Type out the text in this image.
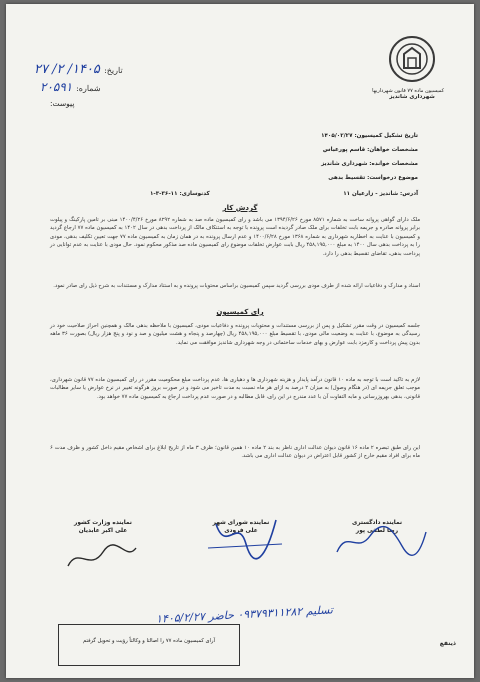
تاریخ: ۱۴۰۵/ ۲/ ۲۷
شماره: ۲۰۵۹۱
پیوست:
کمیسیون ماده ۷۷ قانون شهرداریها
شهرداری شاندیز
تاریخ تشکیل کمیسیون: ۱۴۰۵/۰۲/۲۷
مشخصات خواهان: قاسم پورعباس
مشخصات خوانده: شهرداری شاندیز
موضوع درخواست: تقسیط بدهی
آدرس: شاندیز - زارعیان ۱۱
کدنوسازی: ۱۱-۳۶-۳-۱
گردش کار
ملک دارای گواهی پروانه ساخت به شماره ۸۵۷۱ مورخ ۱۳۹۴/۶/۲۶ می باشد و رای کمیسیون ماده صد به شماره ۸۲۹۲ مورخ ۱۴۰۰/۴/۲۶ مبنی بر تامین پارکینگ و پیلوت برابر پروانه صادره و جریمه بابت تخلفات برای ملک صادر گردیده است پرونده با توجه به استنکاف مالک از پرداخت بدهی در سال ۱۴۰۲ به کمیسیون ماده ۷۷ ارجاع گردید و کمیسیون با عنایت به اخطاریه شهرداری به شماره ۱۳۶۸ مورخ ۱۴۰۰/۶/۲۸ و عدم ارسال پرونده به در همان زمان به کمیسیون ماده ۷۷ جهت تعیین تکلیف بدهی، مودی را به پرداخت بدهی سال ۱۴۰۰ به مبلغ ۴۵۸,۱۹۵,۰۰۰ ریال بابت عوارض تخلفات موضوع رای کمیسیون ماده صد مذکور محکوم نمود. حال مودی با عنایت به عدم توانایی در پرداخت بدهی، تقاضای تقسیط بدهی را دارد.
اسناد و مدارک و دفاعیات ارائه شده از طرف مودی بررسی گردید سپس کمیسیون براساس محتویات پرونده و به استناد مدارک و مستندات به شرح ذیل رای صادر نمود.
رای کمیسیون
جلسه کمیسیون در وقت مقرر تشکیل و پس از بررسی مستندات و محتویات پرونده و دفاعیات مودی، کمیسیون با ملاحظه بدهی مالک و همچنین احراز صلاحیت خود در رسیدگی به موضوع، با عنایت به وضعیت مالی مودی، با تقسیط مبلغ ۴۵۸,۱۹۵,۰۰۰ ریال (چهارصد و پنجاه و هشت میلیون و صد و نود و پنج هزار ریال) بصورت ۳۶ ماهه بدون پیش پرداخت و کارمزد بابت عوارض و بهای خدمات ساختمانی در وجه شهرداری شاندیز موافقت می نماید.
لازم به تاکید است با توجه به ماده ۱۰ قانون درآمد پایدار و هزینه شهرداری ها و دهیاری ها، عدم پرداخت مبلغ محکومیت مقرر در رای کمیسیون ماده ۷۷ قانون شهرداری، موجب تعلق جریمه ای (در هنگام وصول) به میزان ۲ درصد به ازای هر ماه نسبت به مدت تاخیر می شود و در صورت بروز هرگونه تغییر در نرخ عوارض یا سایر مطالبات قانونی، بدهی بهروزرسانی و مابه التفاوت آن با عدد مندرج در این رای، قابل مطالبه و در صورت عدم پرداخت ارجاع به کمیسیون ماده ۷۷ خواهد بود.
این رای طبق تبصره ۲ ماده ۱۶ قانون دیوان عدالت اداری ناظر به بند ۲ ماده ۱۰ همین قانون؛ ظرف ۳ ماه از تاریخ ابلاغ برای اشخاص مقیم داخل کشور و ظرف مدت ۶ ماه برای افراد مقیم خارج از کشور قابل اعتراض در دیوان عدالت اداری می باشد.
نماینده دادگستری
رضا لطفی پور
نماینده شورای شهر
علی فرودی
نماینده وزارت کشور
علی اکبر عابدیان
تسلیم ۰۹۳۷۹۳۱۱۲۸۲ حاضر ۱۴۰۵/۲/۲۷
آرای کمیسیون ماده ۷۷ را اصالتا و وکالتاً رؤیت و تحویل گرفتم	ذینفع
